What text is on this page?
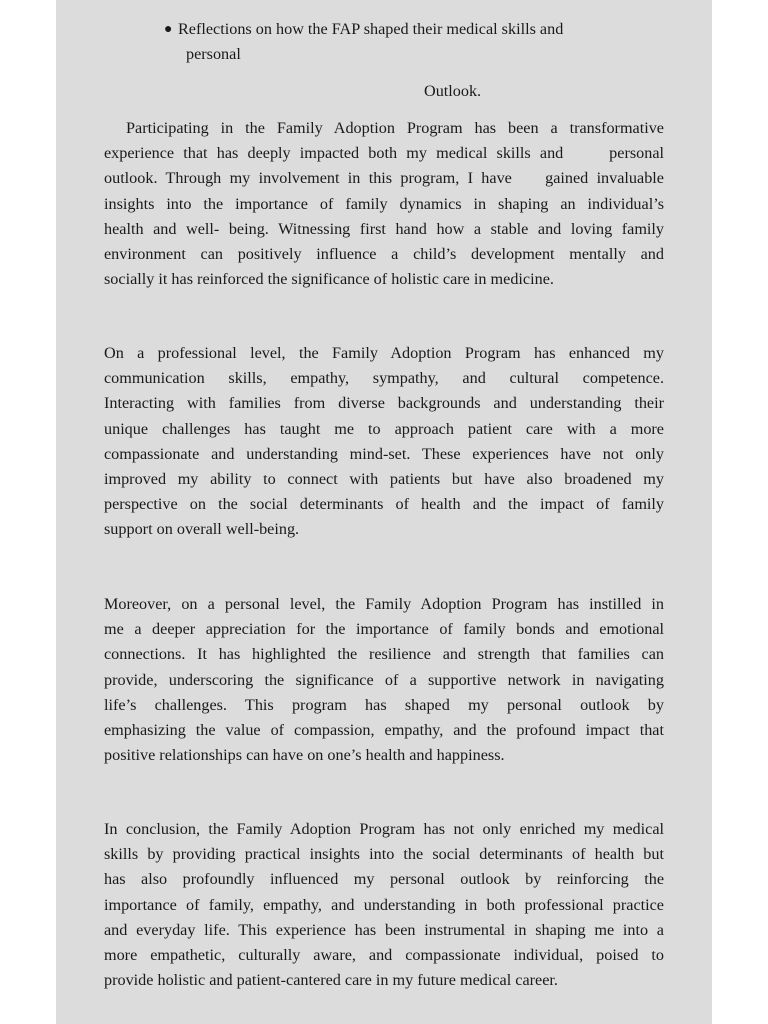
● Reflections on how the FAP shaped their medical skills and
personal
Outlook.

Participating in the Family Adoption Program has been a transformative
experience that has deeply impacted both my medical skills and     personal
outlook. Through my involvement in this program, I have    gained invaluable
insights into the importance of family dynamics in shaping an individual’s
health and well- being. Witnessing first hand how a stable and loving family
environment can positively influence a child’s development mentally and
socially it has reinforced the significance of holistic care in medicine.

On a professional level, the Family Adoption Program has enhanced my
communication skills, empathy, sympathy, and cultural competence.
Interacting with families from diverse backgrounds and understanding their
unique challenges has taught me to approach patient care with a more
compassionate and understanding mind-set. These experiences have not only
improved my ability to connect with patients but have also broadened my
perspective on the social determinants of health and the impact of family
support on overall well-being.

Moreover, on a personal level, the Family Adoption Program has instilled in
me a deeper appreciation for the importance of family bonds and emotional
connections. It has highlighted the resilience and strength that families can
provide, underscoring the significance of a supportive network in navigating
life’s challenges. This program has shaped my personal outlook by
emphasizing the value of compassion, empathy, and the profound impact that
positive relationships can have on one’s health and happiness.

In conclusion, the Family Adoption Program has not only enriched my medical
skills by providing practical insights into the social determinants of health but
has also profoundly influenced my personal outlook by reinforcing the
importance of family, empathy, and understanding in both professional practice
and everyday life. This experience has been instrumental in shaping me into a
more empathetic, culturally aware, and compassionate individual, poised to
provide holistic and patient-cantered care in my future medical career.
